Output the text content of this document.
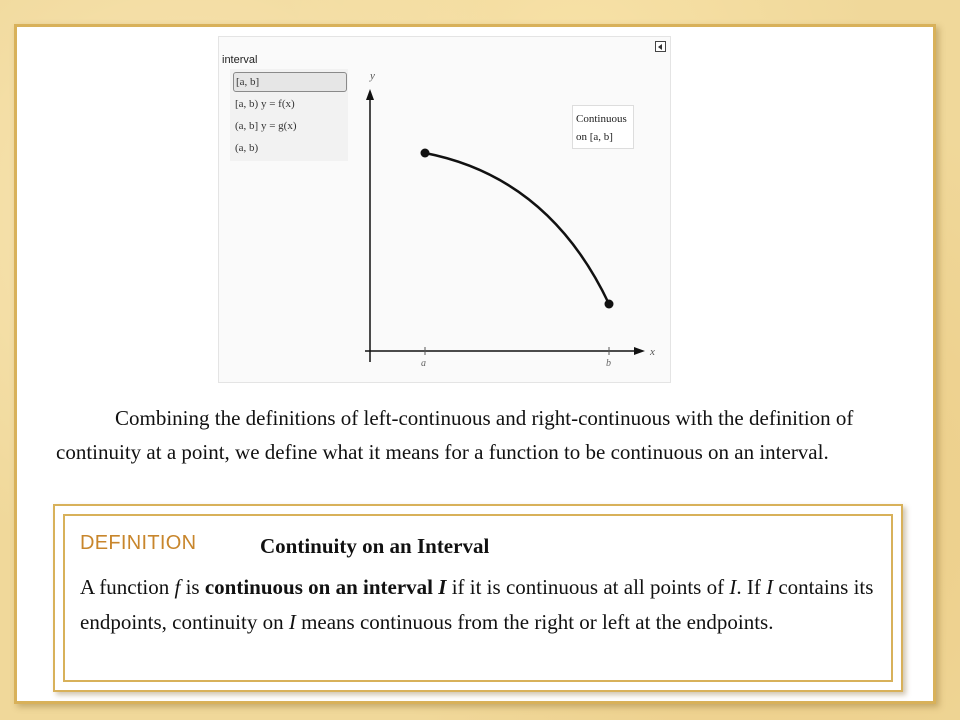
interval
[a, b]
[a, b) y = f(x)
(a, b] y = g(x)
(a, b)
y
x
a	b
Continuous
on [a, b]
Combining the definitions of left-continuous and right-continuous with the definition of continuity at a point, we define what it means for a function to be continuous on an interval.
DEFINITION	Continuity on an Interval
A function f is continuous on an interval I if it is continuous at all points of I. If I contains its endpoints, continuity on I means continuous from the right or left at the endpoints.
